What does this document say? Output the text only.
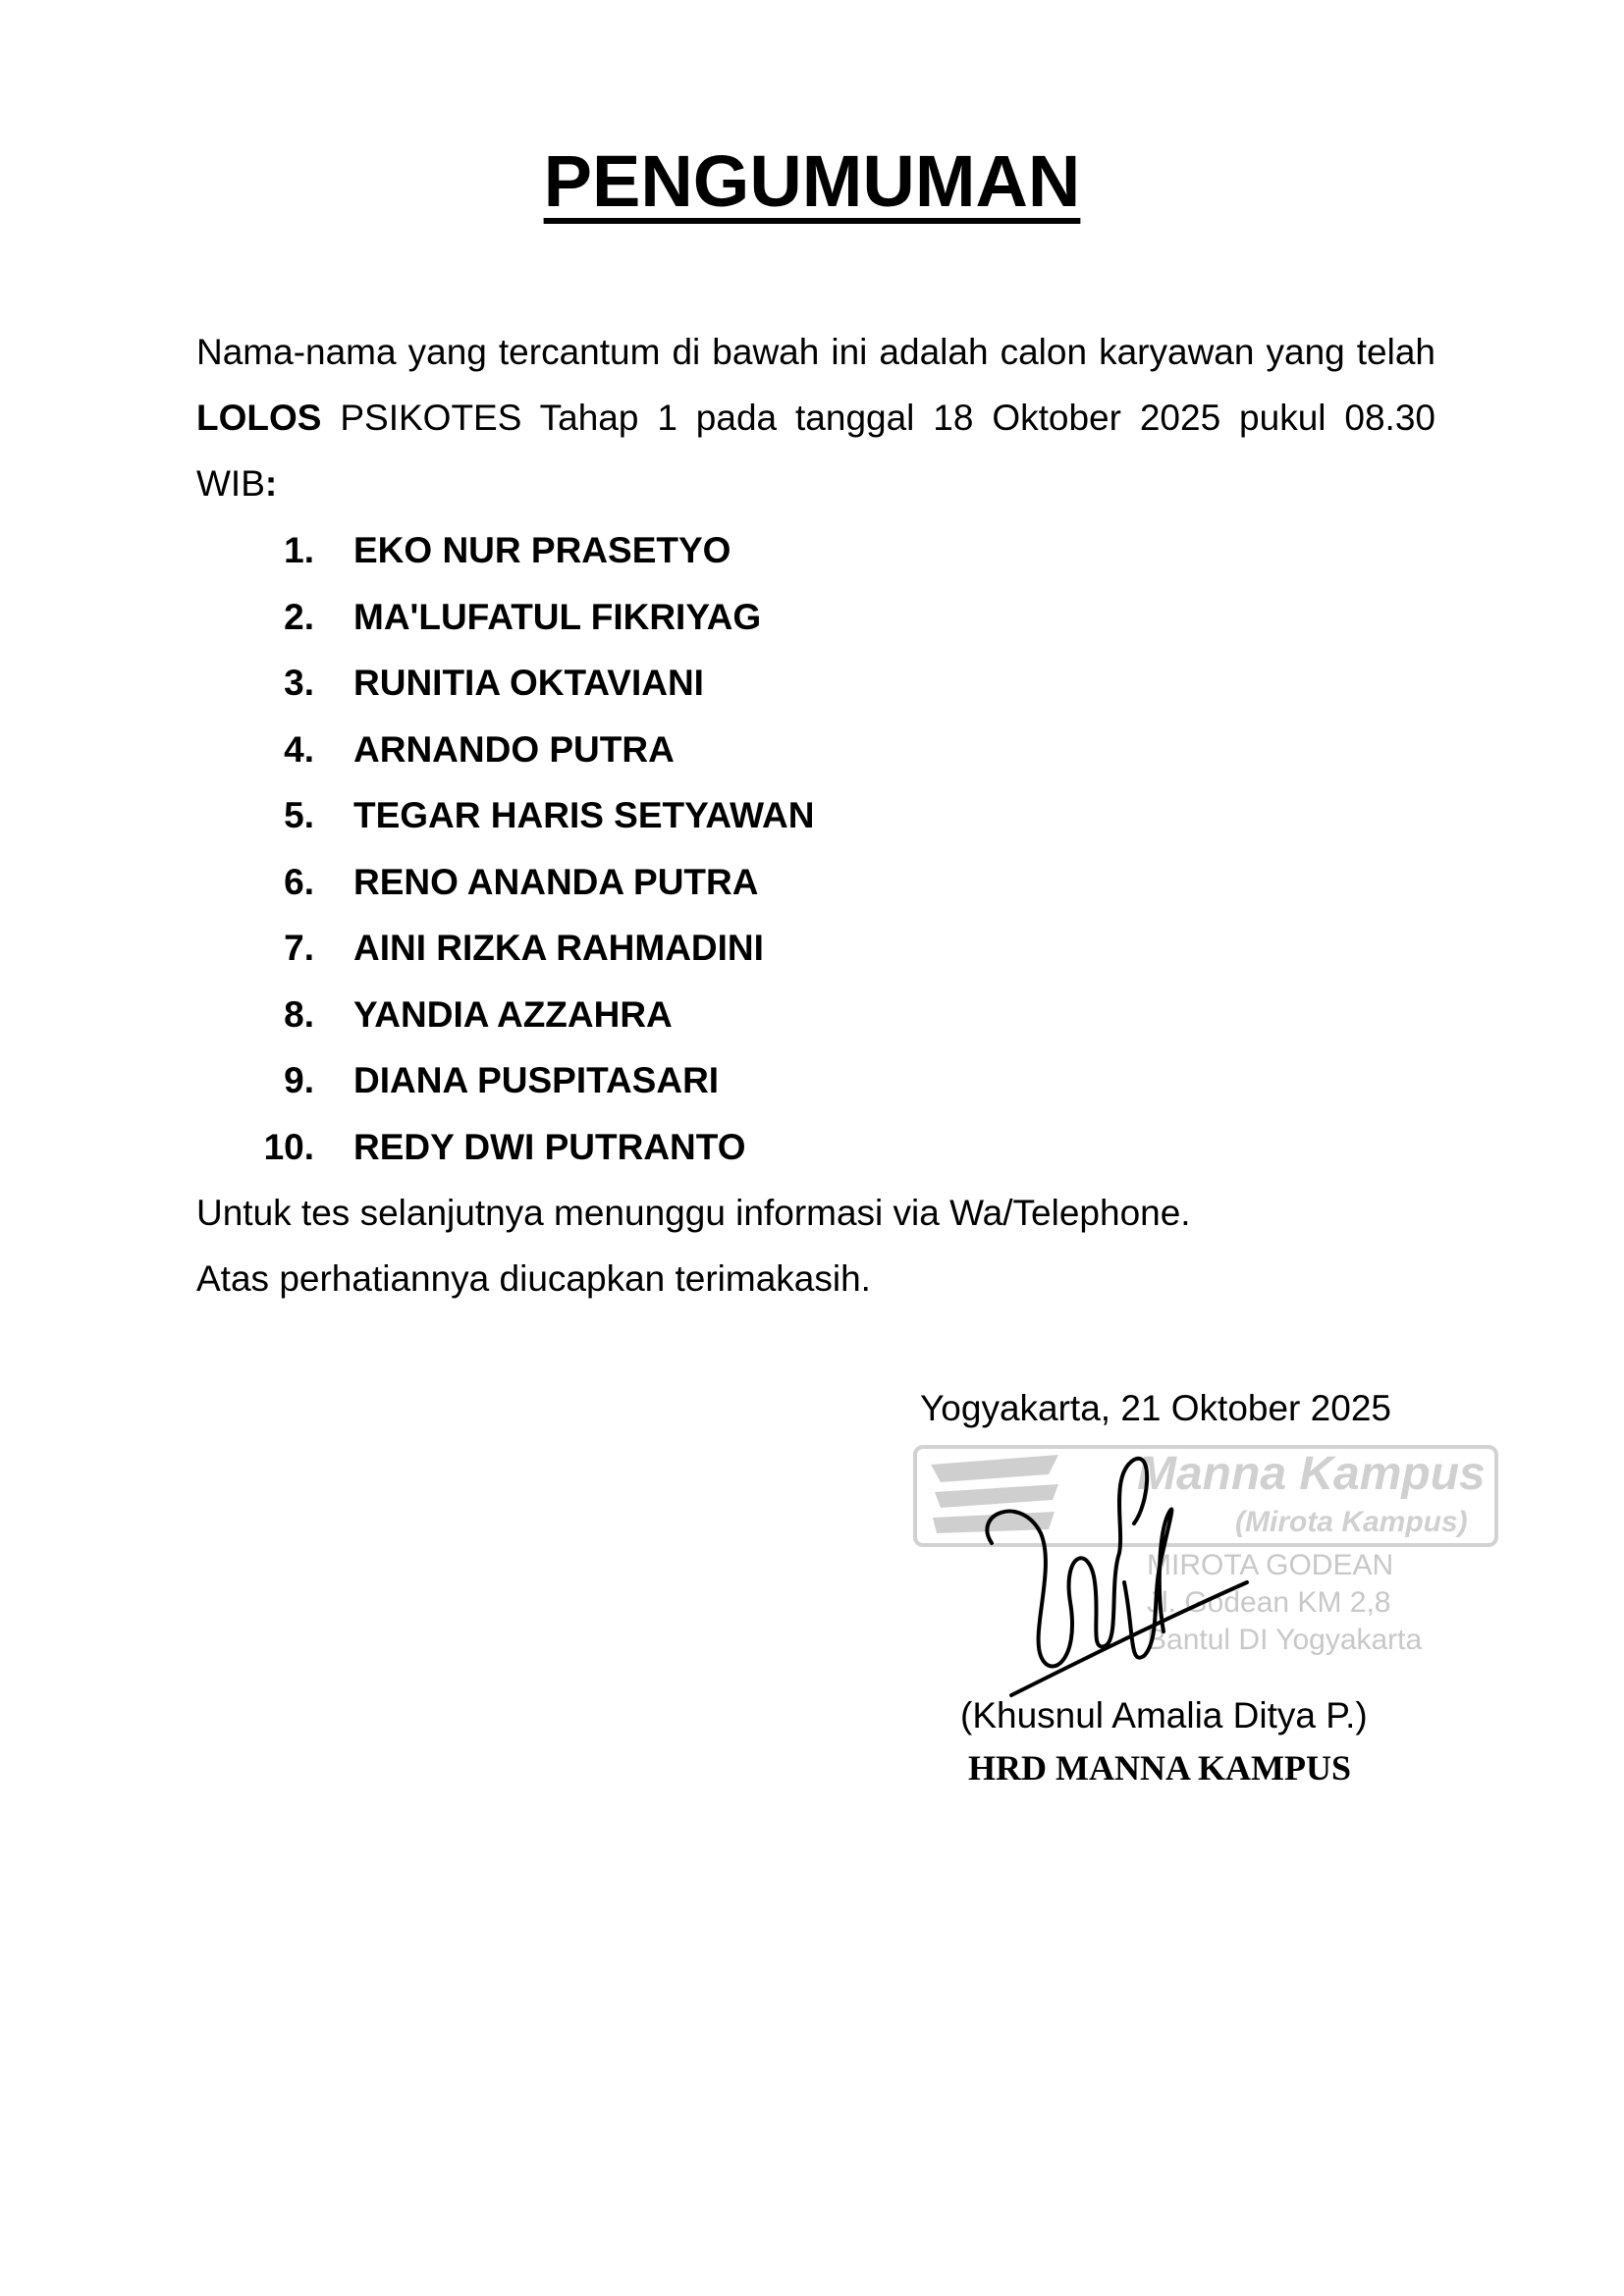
PENGUMUMAN

Nama-nama yang tercantum di bawah ini adalah calon karyawan yang telah LOLOS PSIKOTES Tahap 1 pada tanggal 18 Oktober 2025 pukul 08.30 WIB:

1.	EKO NUR PRASETYO
2.	MA'LUFATUL FIKRIYAG
3.	RUNITIA OKTAVIANI
4.	ARNANDO PUTRA
5.	TEGAR HARIS SETYAWAN
6.	RENO ANANDA PUTRA
7.	AINI RIZKA RAHMADINI
8.	YANDIA AZZAHRA
9.	DIANA PUSPITASARI
10.	REDY DWI PUTRANTO

Untuk tes selanjutnya menunggu informasi via Wa/Telephone.

Atas perhatiannya diucapkan terimakasih.

Yogyakarta, 21 Oktober 2025
Manna Kampus
(Mirota Kampus)
MIROTA GODEAN
Jl. Godean KM 2,8
Bantul DI Yogyakarta
(Khusnul Amalia Ditya P.)
HRD MANNA KAMPUS
